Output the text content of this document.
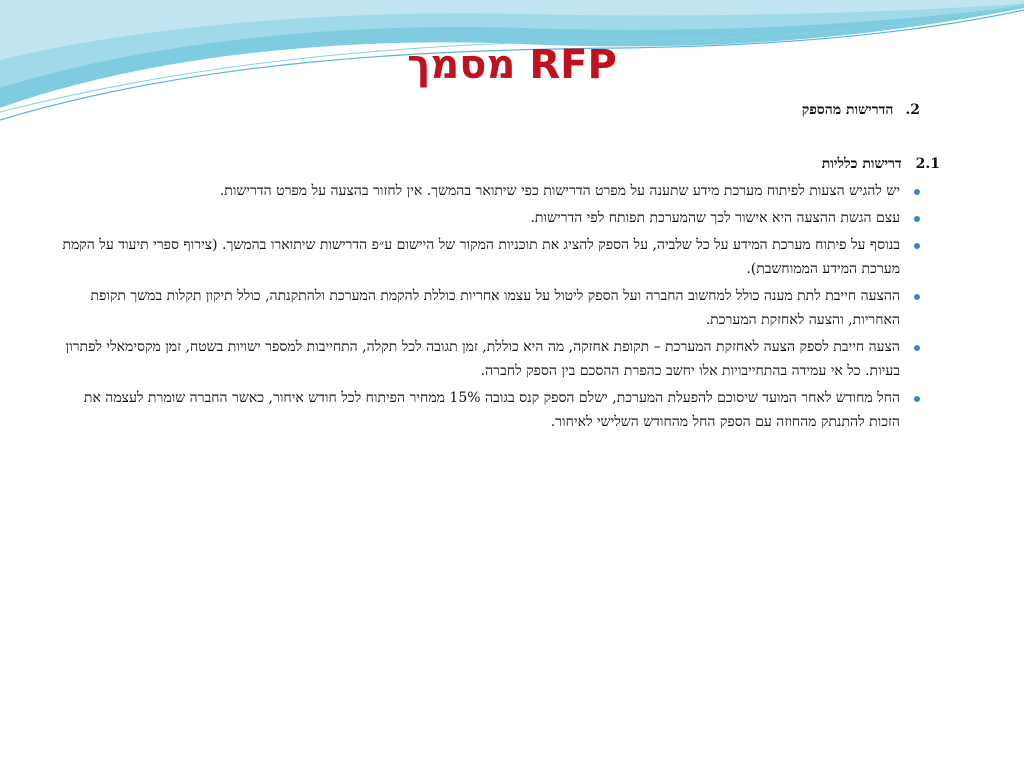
מסמך RFP
2.הדרישות מהספק
2.1דרישות כלליות
יש להגיש הצעות לפיתוח מערכת מידע שתענה על מפרט הדרישות כפי שיתואר בהמשך. אין לחזור בהצעה על מפרט הדרישות.
עצם הגשת ההצעה היא אישור לכך שהמערכת תפותח לפי הדרישות.
בנוסף על פיתוח מערכת המידע על כל שלביה, על הספק להציג את תוכניות המקור של היישום ע״פ הדרישות שיתוארו בהמשך. (צירוף ספרי תיעוד על הקמת מערכת המידע הממוחשבת).
ההצעה חייבת לתת מענה כולל למחשוב החברה ועל הספק ליטול על עצמו אחריות כוללת להקמת המערכת ולהתקנתה, כולל תיקון תקלות במשך תקופת האחריות, והצעה לאחזקת המערכת.
הצעה חייבת לספק הצעה לאחזקת המערכת – תקופת אחזקה, מה היא כוללת, זמן תגובה לכל תקלה, התחייבות למספר ישויות בשטח, זמן מקסימאלי לפתרון בעיות. כל אי עמידה בהתחייבויות אלו יחשב כהפרת ההסכם בין הספק לחברה.
החל מחודש לאחר המועד שיסוכם להפעלת המערכת, ישלם הספק קנס בגובה 15% ממחיר הפיתוח לכל חודש איחור, כאשר החברה שומרת לעצמה את הזכות להתנתק מהחוזה עם הספק החל מהחודש השלישי לאיחור.
